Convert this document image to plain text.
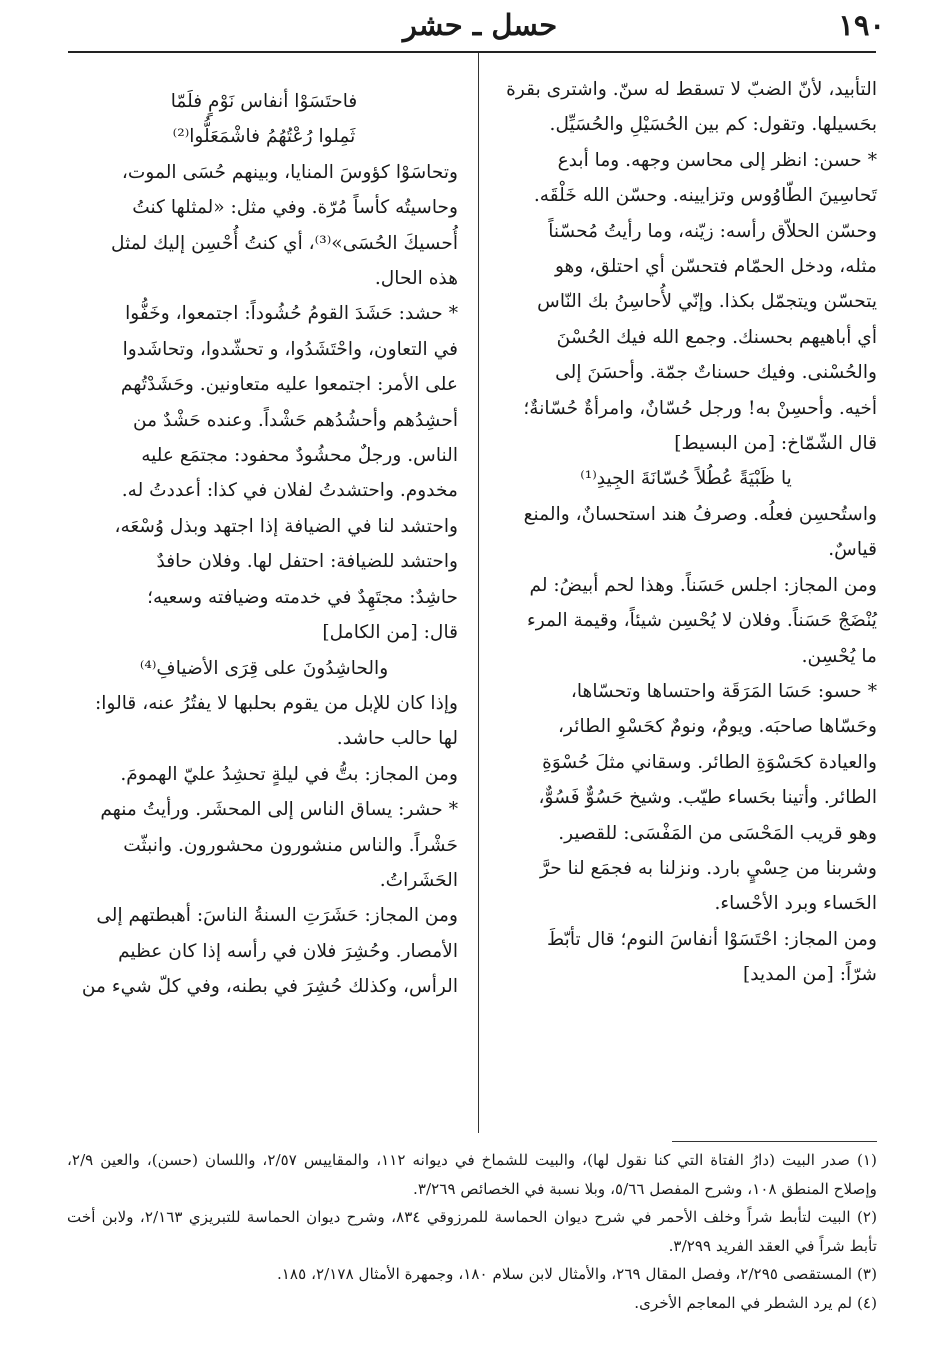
١٩٠
حسل ـ حشر

التأبيد، لأنّ الضبّ لا تسقط له سنّ. واشترى بقرة

بحَسيلها. وتقول: كم بين الحُسَيْلِ والحُسَيِّل.

* حسن: انظر إلى محاسن وجهه. وما أبدع

تَحاسِينَ الطّاوُوس وتزايينه. وحسّن الله خَلْقَه.

وحسّن الحلاّق رأسه: زيّنه، وما رأيتُ مُحسّناً

مثله، ودخل الحمّام فتحسّن أي احتلق، وهو

يتحسّن ويتجمّل بكذا. وإنّي لأُحاسِنُ بك النّاس

أي أباهيهم بحسنك. وجمع الله فيك الحُسْنَ

والحُسْنى. وفيك حسناتٌ جمّة. وأحسَنَ إلى

أخيه. وأحسِنْ به! ورجل حُسّانٌ، وامرأةٌ حُسّانةٌ؛

قال الشّمّاخ: [من البسيط]

يا ظَبْيَةً عُطُلاً حُسّانَةَ الجِيدِ⁽¹⁾

واستُحسِن فعلُه. وصرفُ هند استحسانٌ، والمنع

قياسٌ.

ومن المجاز: اجلس حَسَناً. وهذا لحم أبيضُ: لم

يُنْضَجْ حَسَناً. وفلان لا يُحْسِن شيئاً، وقيمة المرء

ما يُحْسِن.

* حسو: حَسَا المَرَقَة واحتساها وتحسّاها،

وحَسّاها صاحبَه. ويومٌ، ونومٌ كحَسْوِ الطائر،

والعيادة كحَسْوَةِ الطائر. وسقاني مثلَ حُسْوَةِ

الطائر. وأتينا بحَساء طيّب. وشيخ حَسُوٌّ فَسُوٌّ،

وهو قريب المَحْسَى من المَفْسَى: للقصير.

وشربنا من حِسْيٍ بارد. ونزلنا به فجمَع لنا حرَّ

الحَساء وبرد الأحْساء.

ومن المجاز: احْتَسَوْا أنفاسَ النوم؛ قال تأبّطَ

شرّاً: [من المديد]

فاحتَسَوْا أنفاس نَوْمٍ فلَمّا

ثَمِلوا رُعْتُهُمُ فاشْمَعَلُّوا⁽²⁾

وتحاسَوْا كؤوسَ المنايا، وبينهم حُسَى الموت،

وحاسيتُه كأساً مُرّة. وفي مثل: «لمثلها كنتُ

أُحسيكَ الحُسَى»⁽³⁾، أي كنتُ أُحْسِن إليك لمثل

هذه الحال.

* حشد: حَشَدَ القومُ حُشُوداً: اجتمعوا، وخَفُّوا

في التعاون، واحْتَشَدُوا، و تحشّدوا، وتحاشَدوا

على الأمر: اجتمعوا عليه متعاونين. وحَشَدْتُهم

أحشِدُهم وأحشُدُهم حَشْداً. وعنده حَشْدٌ من

الناس. ورجلٌ محشُودٌ محفود: مجتمَع عليه

مخدوم. واحتشدتُ لفلان في كذا: أعددتُ له.

واحتشد لنا في الضيافة إذا اجتهد وبذل وُسْعَه،

واحتشد للضيافة: احتفل لها. وفلان حافدٌ

حاشِدٌ: مجتَهِدٌ في خدمته وضيافته وسعيه؛

قال: [من الكامل]

والحاشِدُونَ على قِرَى الأضيافِ⁽⁴⁾

وإذا كان للإبل من يقوم بحلبها لا يفتُرُ عنه، قالوا:

لها حالب حاشد.

ومن المجاز: بتُّ في ليلةٍ تحشِدُ عليّ الهمومَ.

* حشر: يساق الناس إلى المحشَر. ورأيتُ منهم

حَشْراً. والناس منشورون محشورون. وانبثّت

الحَشَراتُ.

ومن المجاز: حَشَرَتِ السنةُ الناسَ: أهبطتهم إلى

الأمصار. وحُشِرَ فلان في رأسه إذا كان عظيم

الرأس، وكذلك حُشِرَ في بطنه، وفي كلّ شيء من

(١) صدر البيت (دارُ الفتاة التي كنا نقول لها)، والبيت للشماخ في ديوانه ١١٢، والمقاييس ٢/٥٧، واللسان (حسن)، والعين ٢/٩، وإصلاح المنطق ١٠٨، وشرح المفصل ٥/٦٦، وبلا نسبة في الخصائص ٣/٢٦٩.

(٢) البيت لتأبط شراً وخلف الأحمر في شرح ديوان الحماسة للمرزوقي ٨٣٤، وشرح ديوان الحماسة للتبريزي ٢/١٦٣، ولابن أخت تأبط شراً في العقد الفريد ٣/٢٩٩.

(٣) المستقصى ٢/٢٩٥، وفصل المقال ٢٦٩، والأمثال لابن سلام ١٨٠، وجمهرة الأمثال ٢/١٧٨، ١٨٥.

(٤) لم يرد الشطر في المعاجم الأخرى.
